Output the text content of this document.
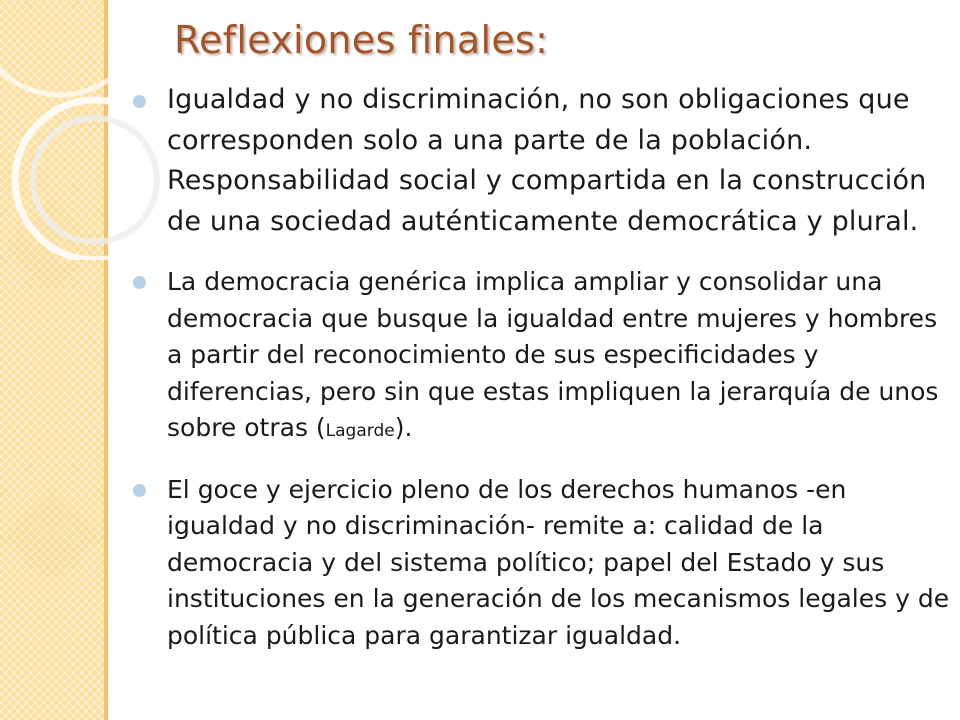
Reflexiones finales:
Igualdad y no discriminación, no son obligaciones que corresponden solo a una parte de la población. Responsabilidad social y compartida en la construcción de una sociedad auténticamente democrática y plural.
La democracia genérica implica ampliar y consolidar una democracia que busque la igualdad entre mujeres y hombres a partir del reconocimiento de sus especificidades y diferencias, pero sin que estas impliquen la jerarquía de unos sobre otras (Lagarde).
El goce y ejercicio pleno de los derechos humanos -en igualdad y no discriminación- remite a: calidad de la democracia y del sistema político; papel del Estado y sus instituciones en la generación de los mecanismos legales y de política pública para garantizar igualdad.
